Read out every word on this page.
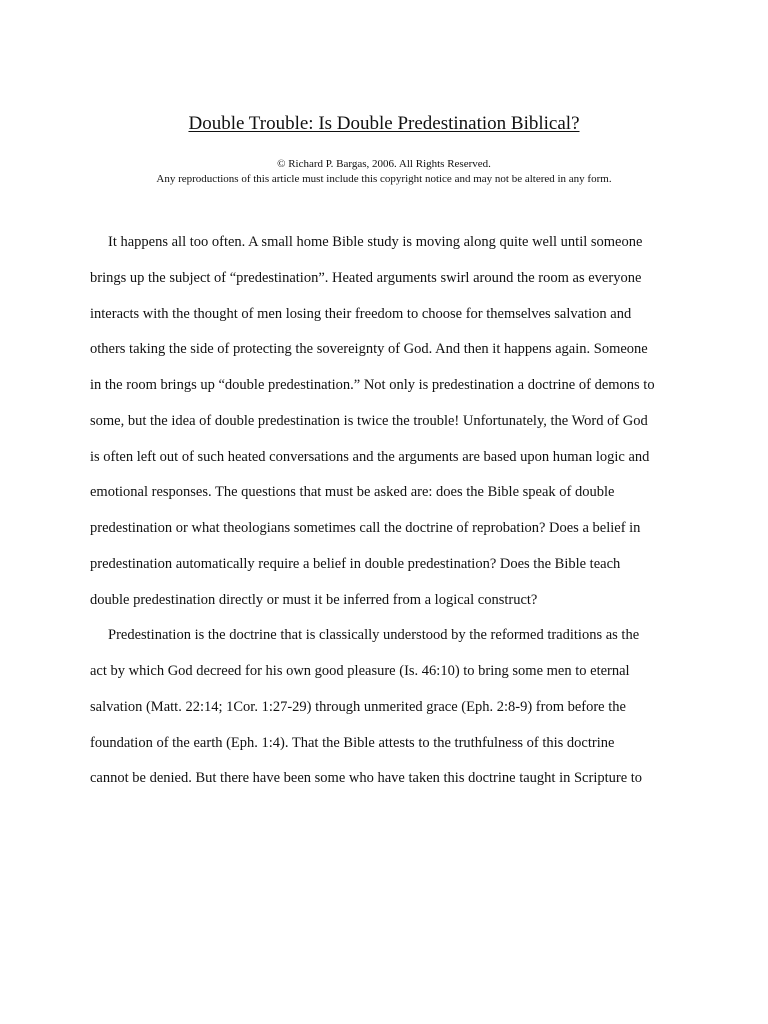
Double Trouble: Is Double Predestination Biblical?
© Richard P. Bargas, 2006. All Rights Reserved.
Any reproductions of this article must include this copyright notice and may not be altered in any form.
It happens all too often. A small home Bible study is moving along quite well until someone
brings up the subject of “predestination”. Heated arguments swirl around the room as everyone
interacts with the thought of men losing their freedom to choose for themselves salvation and
others taking the side of protecting the sovereignty of God. And then it happens again. Someone
in the room brings up “double predestination.” Not only is predestination a doctrine of demons to
some, but the idea of double predestination is twice the trouble! Unfortunately, the Word of God
is often left out of such heated conversations and the arguments are based upon human logic and
emotional responses. The questions that must be asked are: does the Bible speak of double
predestination or what theologians sometimes call the doctrine of reprobation? Does a belief in
predestination automatically require a belief in double predestination? Does the Bible teach
double predestination directly or must it be inferred from a logical construct?
Predestination is the doctrine that is classically understood by the reformed traditions as the
act by which God decreed for his own good pleasure (Is. 46:10) to bring some men to eternal
salvation (Matt. 22:14; 1Cor. 1:27-29) through unmerited grace (Eph. 2:8-9) from before the
foundation of the earth (Eph. 1:4). That the Bible attests to the truthfulness of this doctrine
cannot be denied. But there have been some who have taken this doctrine taught in Scripture to
